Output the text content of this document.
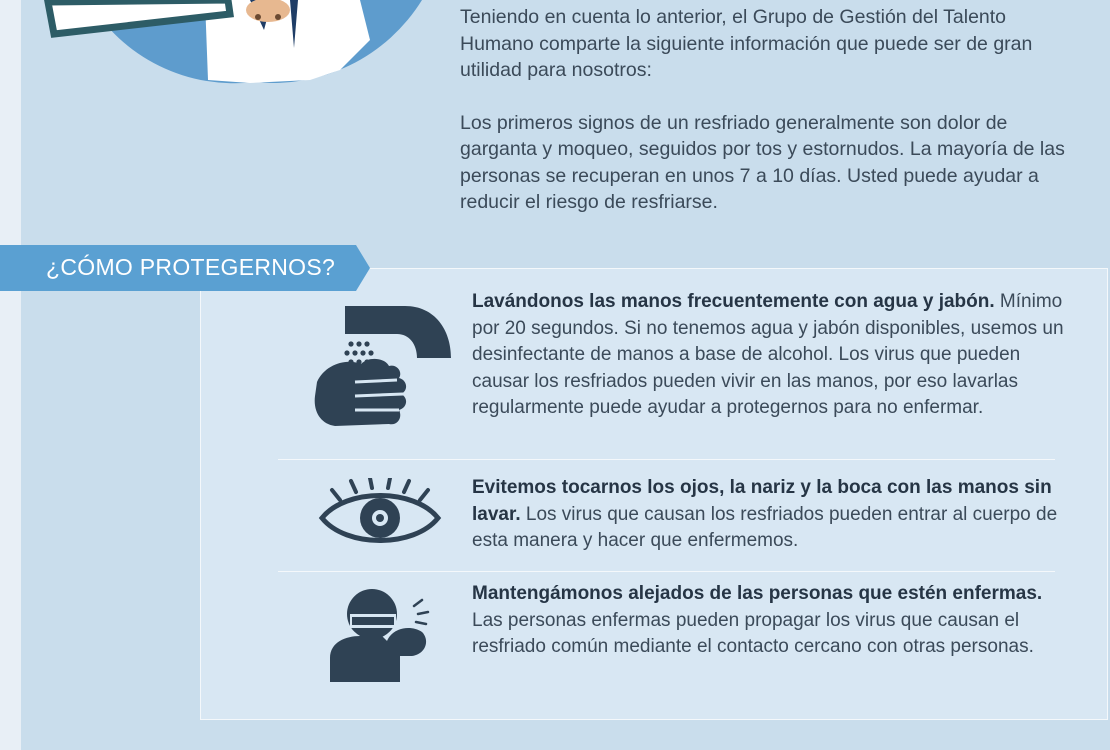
Teniendo en cuenta lo anterior, el Grupo de Gestión del Talento Humano comparte la siguiente información que puede ser de gran utilidad para nosotros:

Los primeros signos de un resfriado generalmente son dolor de garganta y moqueo, seguidos por tos y estornudos. La mayoría de las personas se recuperan en unos 7 a 10 días. Usted puede ayudar a reducir el riesgo de resfriarse.

¿CÓMO PROTEGERNOS?
Lavándonos las manos frecuentemente con agua y jabón. Mínimo por 20 segundos. Si no tenemos agua y jabón disponibles, usemos un desinfectante de manos a base de alcohol. Los virus que pueden causar los resfriados pueden vivir en las manos, por eso lavarlas regularmente puede ayudar a protegernos para no enfermar.
Evitemos tocarnos los ojos, la nariz y la boca con las manos sin lavar. Los virus que causan los resfriados pueden entrar al cuerpo de esta manera y hacer que enfermemos.
Mantengámonos alejados de las personas que estén enfermas. Las personas enfermas pueden propagar los virus que causan el resfriado común mediante el contacto cercano con otras personas.
